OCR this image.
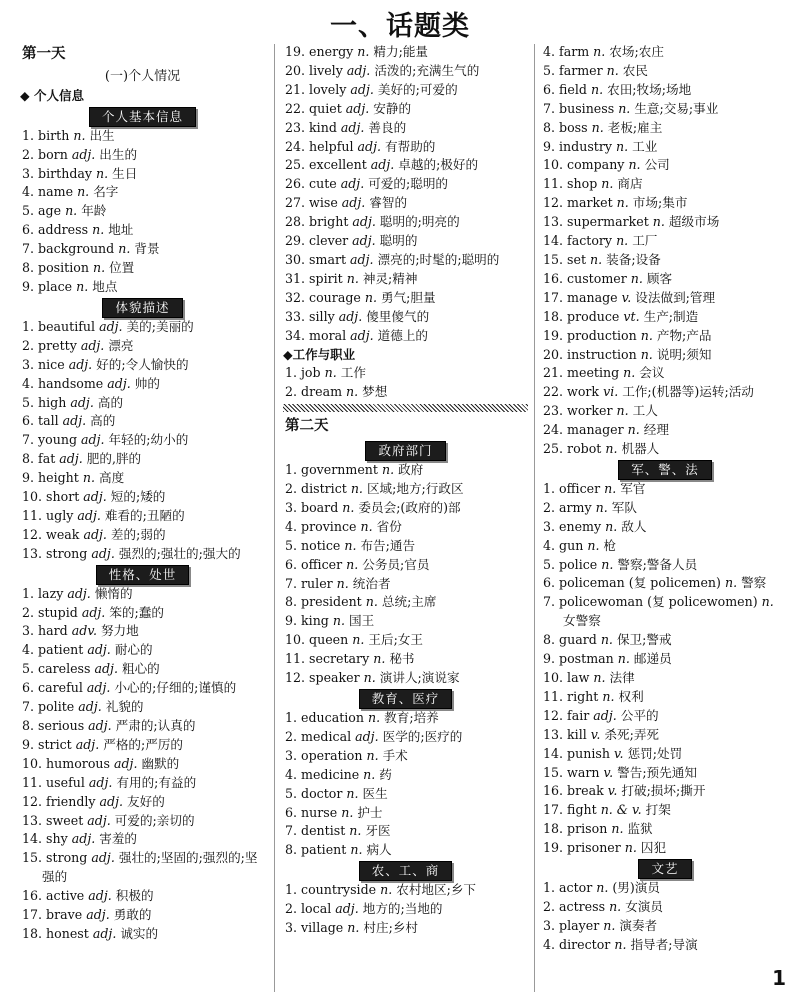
一、话题类
第一天
(一)个人情况
◆ 个人信息
个人基本信息
1. birth n. 出生
2. born adj. 出生的
3. birthday n. 生日
4. name n. 名字
5. age n. 年龄
6. address n. 地址
7. background n. 背景
8. position n. 位置
9. place n. 地点
体貌描述
1. beautiful adj. 美的;美丽的
2. pretty adj. 漂亮
3. nice adj. 好的;令人愉快的
4. handsome adj. 帅的
5. high adj. 高的
6. tall adj. 高的
7. young adj. 年轻的;幼小的
8. fat adj. 肥的,胖的
9. height n. 高度
10. short adj. 短的;矮的
11. ugly adj. 难看的;丑陋的
12. weak adj. 差的;弱的
13. strong adj. 强烈的;强壮的;强大的
性格、处世
1. lazy adj. 懒惰的
2. stupid adj. 笨的;蠢的
3. hard adv. 努力地
4. patient adj. 耐心的
5. careless adj. 粗心的
6. careful adj. 小心的;仔细的;谨慎的
7. polite adj. 礼貌的
8. serious adj. 严肃的;认真的
9. strict adj. 严格的;严厉的
10. humorous adj. 幽默的
11. useful adj. 有用的;有益的
12. friendly adj. 友好的
13. sweet adj. 可爱的;亲切的
14. shy adj. 害羞的
15. strong adj. 强壮的;坚固的;强烈的;坚强的
16. active adj. 积极的
17. brave adj. 勇敢的
18. honest adj. 诚实的
19. energy n. 精力;能量
20. lively adj. 活泼的;充满生气的
21. lovely adj. 美好的;可爱的
22. quiet adj. 安静的
23. kind adj. 善良的
24. helpful adj. 有帮助的
25. excellent adj. 卓越的;极好的
26. cute adj. 可爱的;聪明的
27. wise adj. 睿智的
28. bright adj. 聪明的;明亮的
29. clever adj. 聪明的
30. smart adj. 漂亮的;时髦的;聪明的
31. spirit n. 神灵;精神
32. courage n. 勇气;胆量
33. silly adj. 傻里傻气的
34. moral adj. 道德上的
◆工作与职业
1. job n. 工作
2. dream n. 梦想
第二天
政府部门
1. government n. 政府
2. district n. 区域;地方;行政区
3. board n. 委员会;(政府的)部
4. province n. 省份
5. notice n. 布告;通告
6. officer n. 公务员;官员
7. ruler n. 统治者
8. president n. 总统;主席
9. king n. 国王
10. queen n. 王后;女王
11. secretary n. 秘书
12. speaker n. 演讲人;演说家
教育、医疗
1. education n. 教育;培养
2. medical adj. 医学的;医疗的
3. operation n. 手术
4. medicine n. 药
5. doctor n. 医生
6. nurse n. 护士
7. dentist n. 牙医
8. patient n. 病人
农、工、商
1. countryside n. 农村地区;乡下
2. local adj. 地方的;当地的
3. village n. 村庄;乡村
4. farm n. 农场;农庄
5. farmer n. 农民
6. field n. 农田;牧场;场地
7. business n. 生意;交易;事业
8. boss n. 老板;雇主
9. industry n. 工业
10. company n. 公司
11. shop n. 商店
12. market n. 市场;集市
13. supermarket n. 超级市场
14. factory n. 工厂
15. set n. 装备;设备
16. customer n. 顾客
17. manage v. 设法做到;管理
18. produce vt. 生产;制造
19. production n. 产物;产品
20. instruction n. 说明;须知
21. meeting n. 会议
22. work vi. 工作;(机器等)运转;活动
23. worker n. 工人
24. manager n. 经理
25. robot n. 机器人
军、警、法
1. officer n. 军官
2. army n. 军队
3. enemy n. 敌人
4. gun n. 枪
5. police n. 警察;警备人员
6. policeman (复 policemen) n. 警察
7. policewoman (复 policewomen) n. 女警察
8. guard n. 保卫;警戒
9. postman n. 邮递员
10. law n. 法律
11. right n. 权利
12. fair adj. 公平的
13. kill v. 杀死;弄死
14. punish v. 惩罚;处罚
15. warn v. 警告;预先通知
16. break v. 打破;损坏;撕开
17. fight n. & v. 打架
18. prison n. 监狱
19. prisoner n. 囚犯
文艺
1. actor n. (男)演员
2. actress n. 女演员
3. player n. 演奏者
4. director n. 指导者;导演
1
